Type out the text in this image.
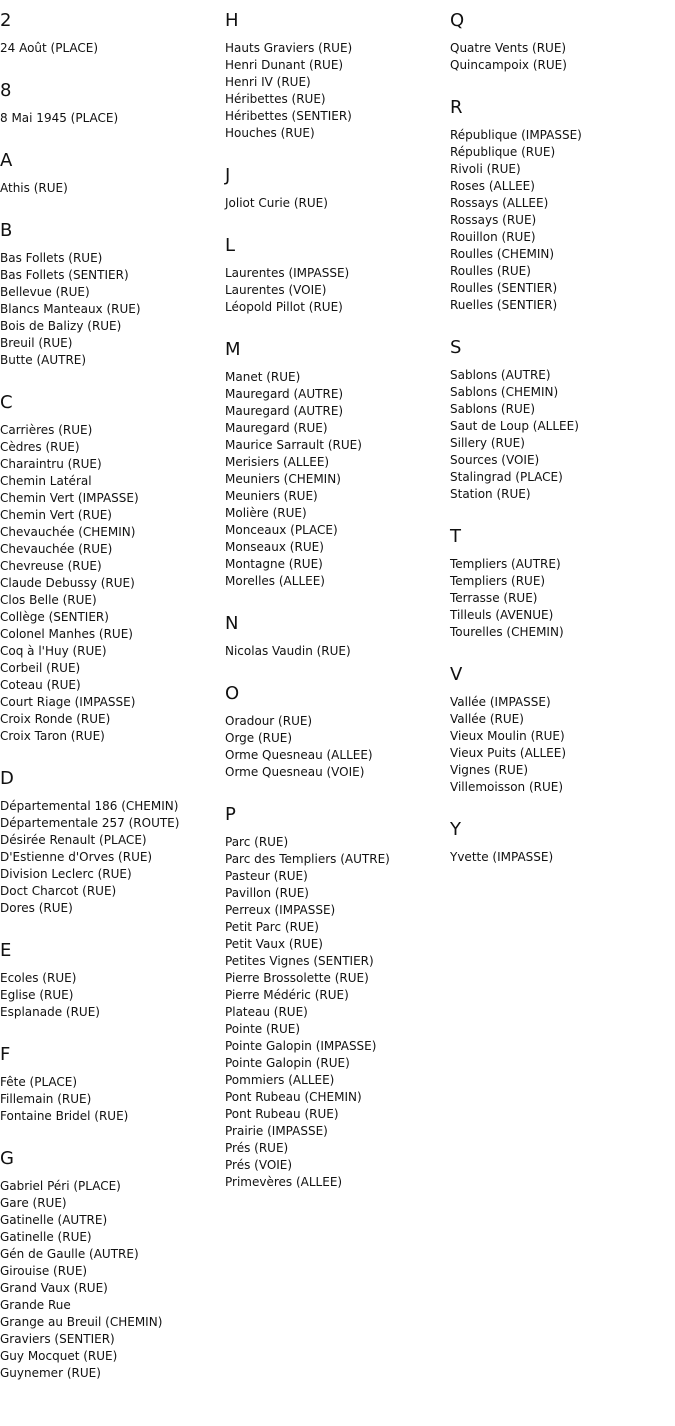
2
24 Août (PLACE)
8
8 Mai 1945 (PLACE)
A
Athis (RUE)
B
Bas Follets (RUE)
Bas Follets (SENTIER)
Bellevue (RUE)
Blancs Manteaux (RUE)
Bois de Balizy (RUE)
Breuil (RUE)
Butte (AUTRE)
C
Carrières (RUE)
Cèdres (RUE)
Charaintru (RUE)
Chemin Latéral
Chemin Vert (IMPASSE)
Chemin Vert (RUE)
Chevauchée (CHEMIN)
Chevauchée (RUE)
Chevreuse (RUE)
Claude Debussy (RUE)
Clos Belle (RUE)
Collège (SENTIER)
Colonel Manhes (RUE)
Coq à l'Huy (RUE)
Corbeil (RUE)
Coteau (RUE)
Court Riage (IMPASSE)
Croix Ronde (RUE)
Croix Taron (RUE)
D
Départemental 186 (CHEMIN)
Départementale 257 (ROUTE)
Désirée Renault (PLACE)
D'Estienne d'Orves (RUE)
Division Leclerc (RUE)
Doct Charcot (RUE)
Dores (RUE)
E
Ecoles (RUE)
Eglise (RUE)
Esplanade (RUE)
F
Fête (PLACE)
Fillemain (RUE)
Fontaine Bridel (RUE)
G
Gabriel Péri (PLACE)
Gare (RUE)
Gatinelle (AUTRE)
Gatinelle (RUE)
Gén de Gaulle (AUTRE)
Girouise (RUE)
Grand Vaux (RUE)
Grande Rue
Grange au Breuil (CHEMIN)
Graviers (SENTIER)
Guy Mocquet (RUE)
Guynemer (RUE)
H
Hauts Graviers (RUE)
Henri Dunant (RUE)
Henri IV (RUE)
Héribettes (RUE)
Héribettes (SENTIER)
Houches (RUE)
J
Joliot Curie (RUE)
L
Laurentes (IMPASSE)
Laurentes (VOIE)
Léopold Pillot (RUE)
M
Manet (RUE)
Mauregard (AUTRE)
Mauregard (AUTRE)
Mauregard (RUE)
Maurice Sarrault (RUE)
Merisiers (ALLEE)
Meuniers (CHEMIN)
Meuniers (RUE)
Molière (RUE)
Monceaux (PLACE)
Monseaux (RUE)
Montagne (RUE)
Morelles (ALLEE)
N
Nicolas Vaudin (RUE)
O
Oradour (RUE)
Orge (RUE)
Orme Quesneau (ALLEE)
Orme Quesneau (VOIE)
P
Parc (RUE)
Parc des Templiers (AUTRE)
Pasteur (RUE)
Pavillon (RUE)
Perreux (IMPASSE)
Petit Parc (RUE)
Petit Vaux (RUE)
Petites Vignes (SENTIER)
Pierre Brossolette (RUE)
Pierre Médéric (RUE)
Plateau (RUE)
Pointe (RUE)
Pointe Galopin (IMPASSE)
Pointe Galopin (RUE)
Pommiers (ALLEE)
Pont Rubeau (CHEMIN)
Pont Rubeau (RUE)
Prairie (IMPASSE)
Prés (RUE)
Prés (VOIE)
Primevères (ALLEE)
Q
Quatre Vents (RUE)
Quincampoix (RUE)
R
République (IMPASSE)
République (RUE)
Rivoli (RUE)
Roses (ALLEE)
Rossays (ALLEE)
Rossays (RUE)
Rouillon (RUE)
Roulles (CHEMIN)
Roulles (RUE)
Roulles (SENTIER)
Ruelles (SENTIER)
S
Sablons (AUTRE)
Sablons (CHEMIN)
Sablons (RUE)
Saut de Loup (ALLEE)
Sillery (RUE)
Sources (VOIE)
Stalingrad (PLACE)
Station (RUE)
T
Templiers (AUTRE)
Templiers (RUE)
Terrasse (RUE)
Tilleuls (AVENUE)
Tourelles (CHEMIN)
V
Vallée (IMPASSE)
Vallée (RUE)
Vieux Moulin (RUE)
Vieux Puits (ALLEE)
Vignes (RUE)
Villemoisson (RUE)
Y
Yvette (IMPASSE)
